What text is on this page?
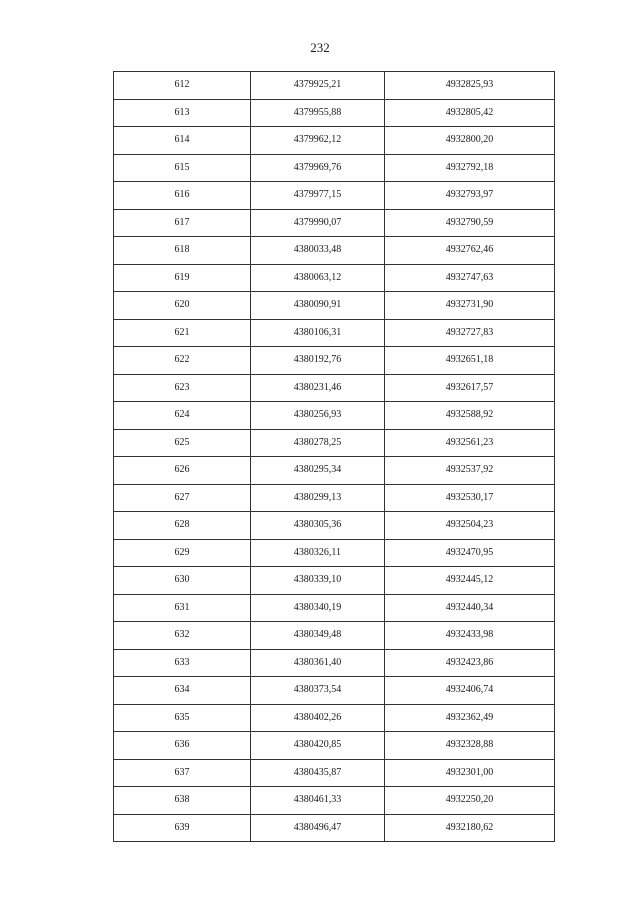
232
612	4379925,21	4932825,93
613	4379955,88	4932805,42
614	4379962,12	4932800,20
615	4379969,76	4932792,18
616	4379977,15	4932793,97
617	4379990,07	4932790,59
618	4380033,48	4932762,46
619	4380063,12	4932747,63
620	4380090,91	4932731,90
621	4380106,31	4932727,83
622	4380192,76	4932651,18
623	4380231,46	4932617,57
624	4380256,93	4932588,92
625	4380278,25	4932561,23
626	4380295,34	4932537,92
627	4380299,13	4932530,17
628	4380305,36	4932504,23
629	4380326,11	4932470,95
630	4380339,10	4932445,12
631	4380340,19	4932440,34
632	4380349,48	4932433,98
633	4380361,40	4932423,86
634	4380373,54	4932406,74
635	4380402,26	4932362,49
636	4380420,85	4932328,88
637	4380435,87	4932301,00
638	4380461,33	4932250,20
639	4380496,47	4932180,62
